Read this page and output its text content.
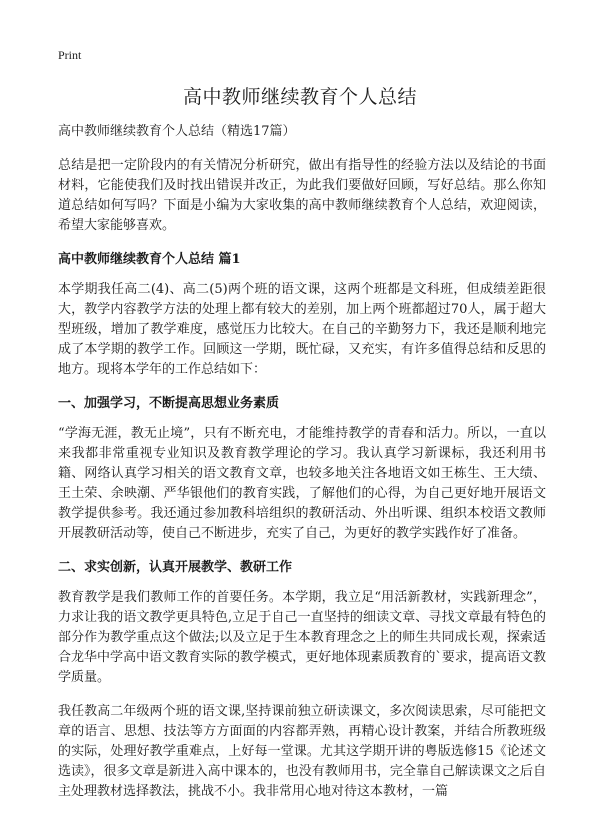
Print
高中教师继续教育个人总结
高中教师继续教育个人总结（精选17篇）

总结是把一定阶段内的有关情况分析研究，做出有指导性的经验方法以及结论的书面材料，它能使我们及时找出错误并改正，为此我们要做好回顾，写好总结。那么你知道总结如何写吗？下面是小编为大家收集的高中教师继续教育个人总结，欢迎阅读，希望大家能够喜欢。

高中教师继续教育个人总结 篇1

本学期我任高二(4)、高二(5)两个班的语文课，这两个班都是文科班，但成绩差距很大，教学内容教学方法的处理上都有较大的差别，加上两个班都超过70人，属于超大型班级，增加了教学难度，感觉压力比较大。在自己的辛勤努力下，我还是顺利地完成了本学期的教学工作。回顾这一学期，既忙碌，又充实，有许多值得总结和反思的地方。现将本学年的工作总结如下：

一、加强学习，不断提高思想业务素质

“学海无涯，教无止境”，只有不断充电，才能维持教学的青春和活力。所以，一直以来我都非常重视专业知识及教育教学理论的学习。我认真学习新课标，我还利用书籍、网络认真学习相关的语文教育文章，也较多地关注各地语文如王栋生、王大绩、王土荣、余映潮、严华银他们的教育实践，了解他们的心得，为自己更好地开展语文教学提供参考。我还通过参加教科培组织的教研活动、外出听课、组织本校语文教师开展教研活动等，使自己不断进步，充实了自己，为更好的教学实践作好了准备。

二、求实创新，认真开展教学、教研工作

教育教学是我们教师工作的首要任务。本学期，我立足“用活新教材，实践新理念”，力求让我的语文教学更具特色,立足于自己一直坚持的细读文章、寻找文章最有特色的部分作为教学重点这个做法;以及立足于生本教育理念之上的师生共同成长观，探索适合龙华中学高中语文教育实际的教学模式，更好地体现素质教育的`要求，提高语文教学质量。

我任教高二年级两个班的语文课,坚持课前独立研读课文，多次阅读思索，尽可能把文章的语言、思想、技法等方方面面的内容都弄熟，再精心设计教案，并结合所教班级的实际，处理好教学重难点，上好每一堂课。尤其这学期开讲的粤版选修15《论述文选读》，很多文章是新进入高中课本的，也没有教师用书，完全靠自己解读课文之后自主处理教材选择教法，挑战不小。我非常用心地对待这本教材，一篇
